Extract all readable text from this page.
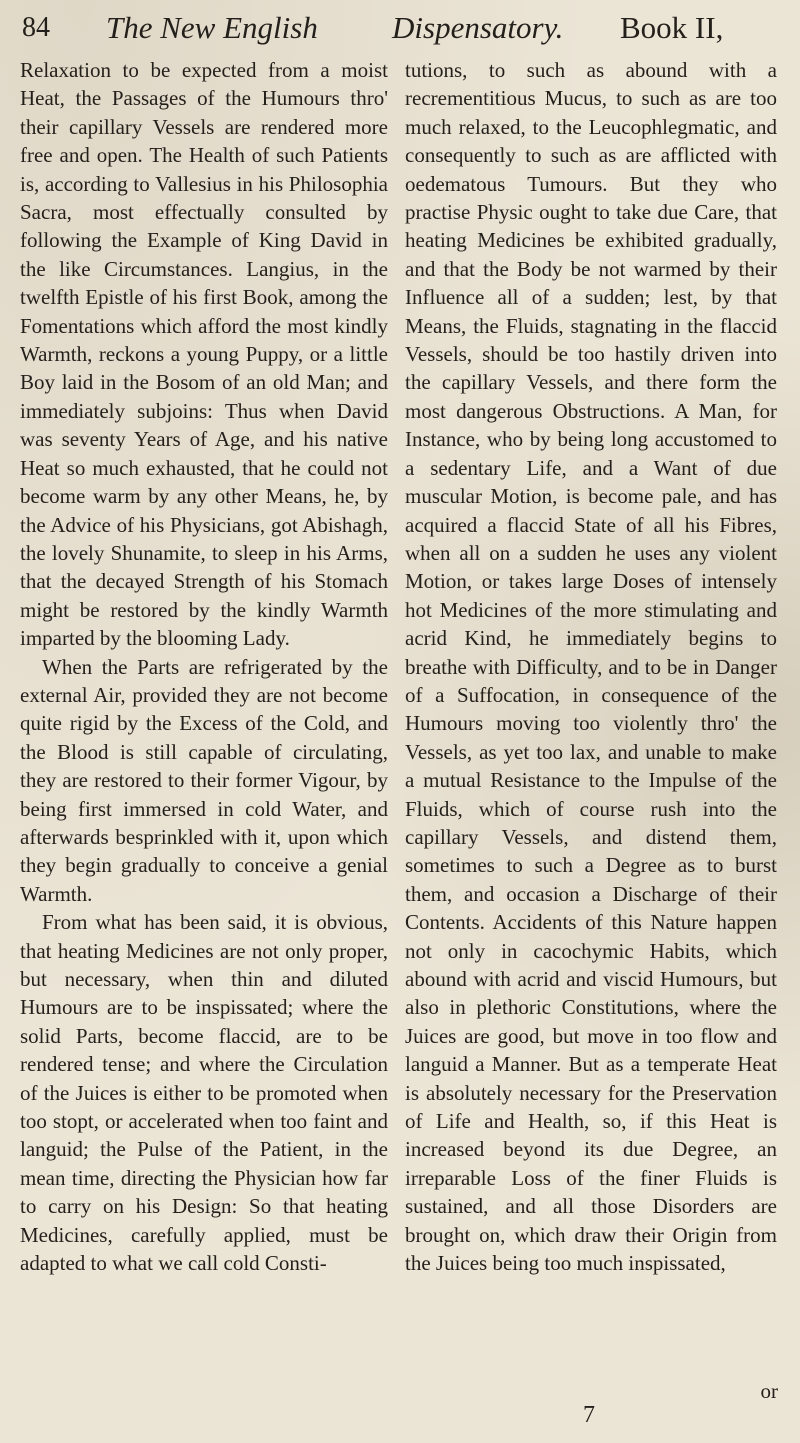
84 The New English Dispensatory. Book II,

Relaxation to be expected from a moist Heat, the Passages of the Humours thro' their capillary Vessels are rendered more free and open. The Health of such Patients is, according to Vallesius in his Philosophia Sacra, most effectually consulted by following the Example of King David in the like Circumstances. Langius, in the twelfth Epistle of his first Book, among the Fomentations which afford the most kindly Warmth, reckons a young Puppy, or a little Boy laid in the Bosom of an old Man; and immediately subjoins: Thus when David was seventy Years of Age, and his native Heat so much exhausted, that he could not become warm by any other Means, he, by the Advice of his Physicians, got Abishagh, the lovely Shunamite, to sleep in his Arms, that the decayed Strength of his Stomach might be restored by the kindly Warmth imparted by the blooming Lady.

When the Parts are refrigerated by the external Air, provided they are not become quite rigid by the Excess of the Cold, and the Blood is still capable of circulating, they are restored to their former Vigour, by being first immersed in cold Water, and afterwards besprinkled with it, upon which they begin gradually to conceive a genial Warmth.

From what has been said, it is obvious, that heating Medicines are not only proper, but necessary, when thin and diluted Humours are to be inspissated; where the solid Parts, become flaccid, are to be rendered tense; and where the Circulation of the Juices is either to be promoted when too stopt, or accelerated when too faint and languid; the Pulse of the Patient, in the mean time, directing the Physician how far to carry on his Design: So that heating Medicines, carefully applied, must be adapted to what we call cold Consti-

tutions, to such as abound with a recrementitious Mucus, to such as are too much relaxed, to the Leucophlegmatic, and consequently to such as are afflicted with oedematous Tumours. But they who practise Physic ought to take due Care, that heating Medicines be exhibited gradually, and that the Body be not warmed by their Influence all of a sudden; lest, by that Means, the Fluids, stagnating in the flaccid Vessels, should be too hastily driven into the capillary Vessels, and there form the most dangerous Obstructions. A Man, for Instance, who by being long accustomed to a sedentary Life, and a Want of due muscular Motion, is become pale, and has acquired a flaccid State of all his Fibres, when all on a sudden he uses any violent Motion, or takes large Doses of intensely hot Medicines of the more stimulating and acrid Kind, he immediately begins to breathe with Difficulty, and to be in Danger of a Suffocation, in consequence of the Humours moving too violently thro' the Vessels, as yet too lax, and unable to make a mutual Resistance to the Impulse of the Fluids, which of course rush into the capillary Vessels, and distend them, sometimes to such a Degree as to burst them, and occasion a Discharge of their Contents. Accidents of this Nature happen not only in cacochymic Habits, which abound with acrid and viscid Humours, but also in plethoric Constitutions, where the Juices are good, but move in too flow and languid a Manner. But as a temperate Heat is absolutely necessary for the Preservation of Life and Health, so, if this Heat is increased beyond its due Degree, an irreparable Loss of the finer Fluids is sustained, and all those Disorders are brought on, which draw their Origin from the Juices being too much inspissated,

or
7
